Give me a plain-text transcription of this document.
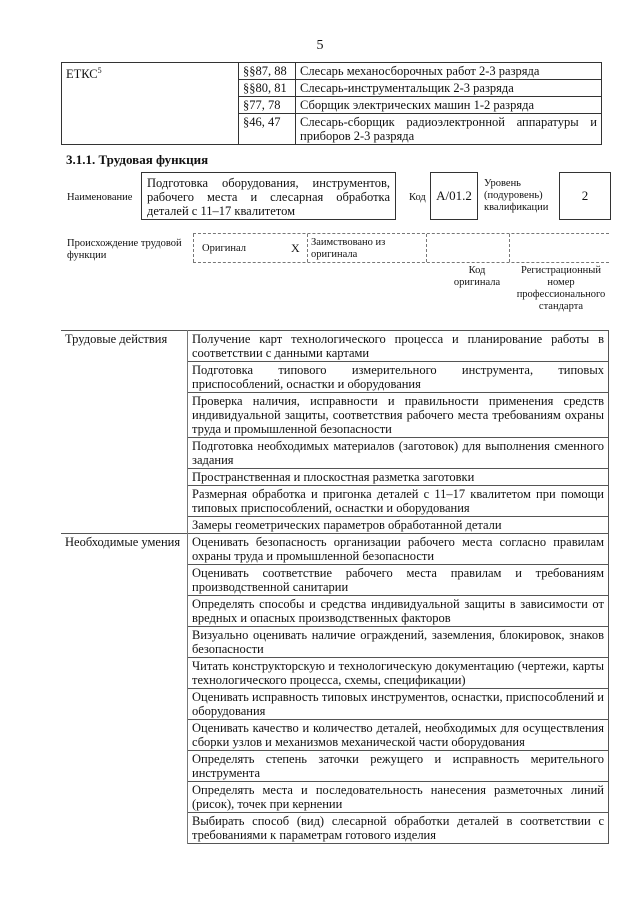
5
ЕТКС$^5$	§§87, 88	Слесарь механосборочных работ 2-3 разряда
	§§80, 81	Слесарь-инструментальщик 2-3 разряда
	§77, 78	Сборщик электрических машин 1-2 разряда
	§46, 47	Слесарь-сборщик радиоэлектронной аппаратуры и приборов 2-3 разряда
3.1.1. Трудовая функция
Наименование
Подготовка оборудования, инструментов, рабочего места и слесарная обработка деталей с 11–17 квалитетом
Код A/01.2
Уровень (подуровень) квалификации
2
Происхождение трудовой функции
Оригинал	X Заимствовано из оригинала
Код оригинала
Регистрационный номер профессионального стандарта
Трудовые действия	Получение карт технологического процесса и планирование работы в соответствии с данными картами
	Подготовка типового измерительного инструмента, типовых приспособлений, оснастки и оборудования
	Проверка наличия, исправности и правильности применения средств индивидуальной защиты, соответствия рабочего места требованиям охраны труда и промышленной безопасности
	Подготовка необходимых материалов (заготовок) для выполнения сменного задания
	Пространственная и плоскостная разметка заготовки
	Размерная обработка и пригонка деталей с 11–17 квалитетом при помощи типовых приспособлений, оснастки и оборудования
	Замеры геометрических параметров обработанной детали
Необходимые умения	Оценивать безопасность организации рабочего места согласно правилам охраны труда и промышленной безопасности
	Оценивать соответствие рабочего места правилам и требованиям производственной санитарии
	Определять способы и средства индивидуальной защиты в зависимости от вредных и опасных производственных факторов
	Визуально оценивать наличие ограждений, заземления, блокировок, знаков безопасности
	Читать конструкторскую и технологическую документацию (чертежи, карты технологического процесса, схемы, спецификации)
	Оценивать исправность типовых инструментов, оснастки, приспособлений и оборудования
	Оценивать качество и количество деталей, необходимых для осуществления сборки узлов и механизмов механической части оборудования
	Определять степень заточки режущего и исправность мерительного инструмента
	Определять места и последовательность нанесения разметочных линий (рисок), точек при кернении
	Выбирать способ (вид) слесарной обработки деталей в соответствии с требованиями к параметрам готового изделия
